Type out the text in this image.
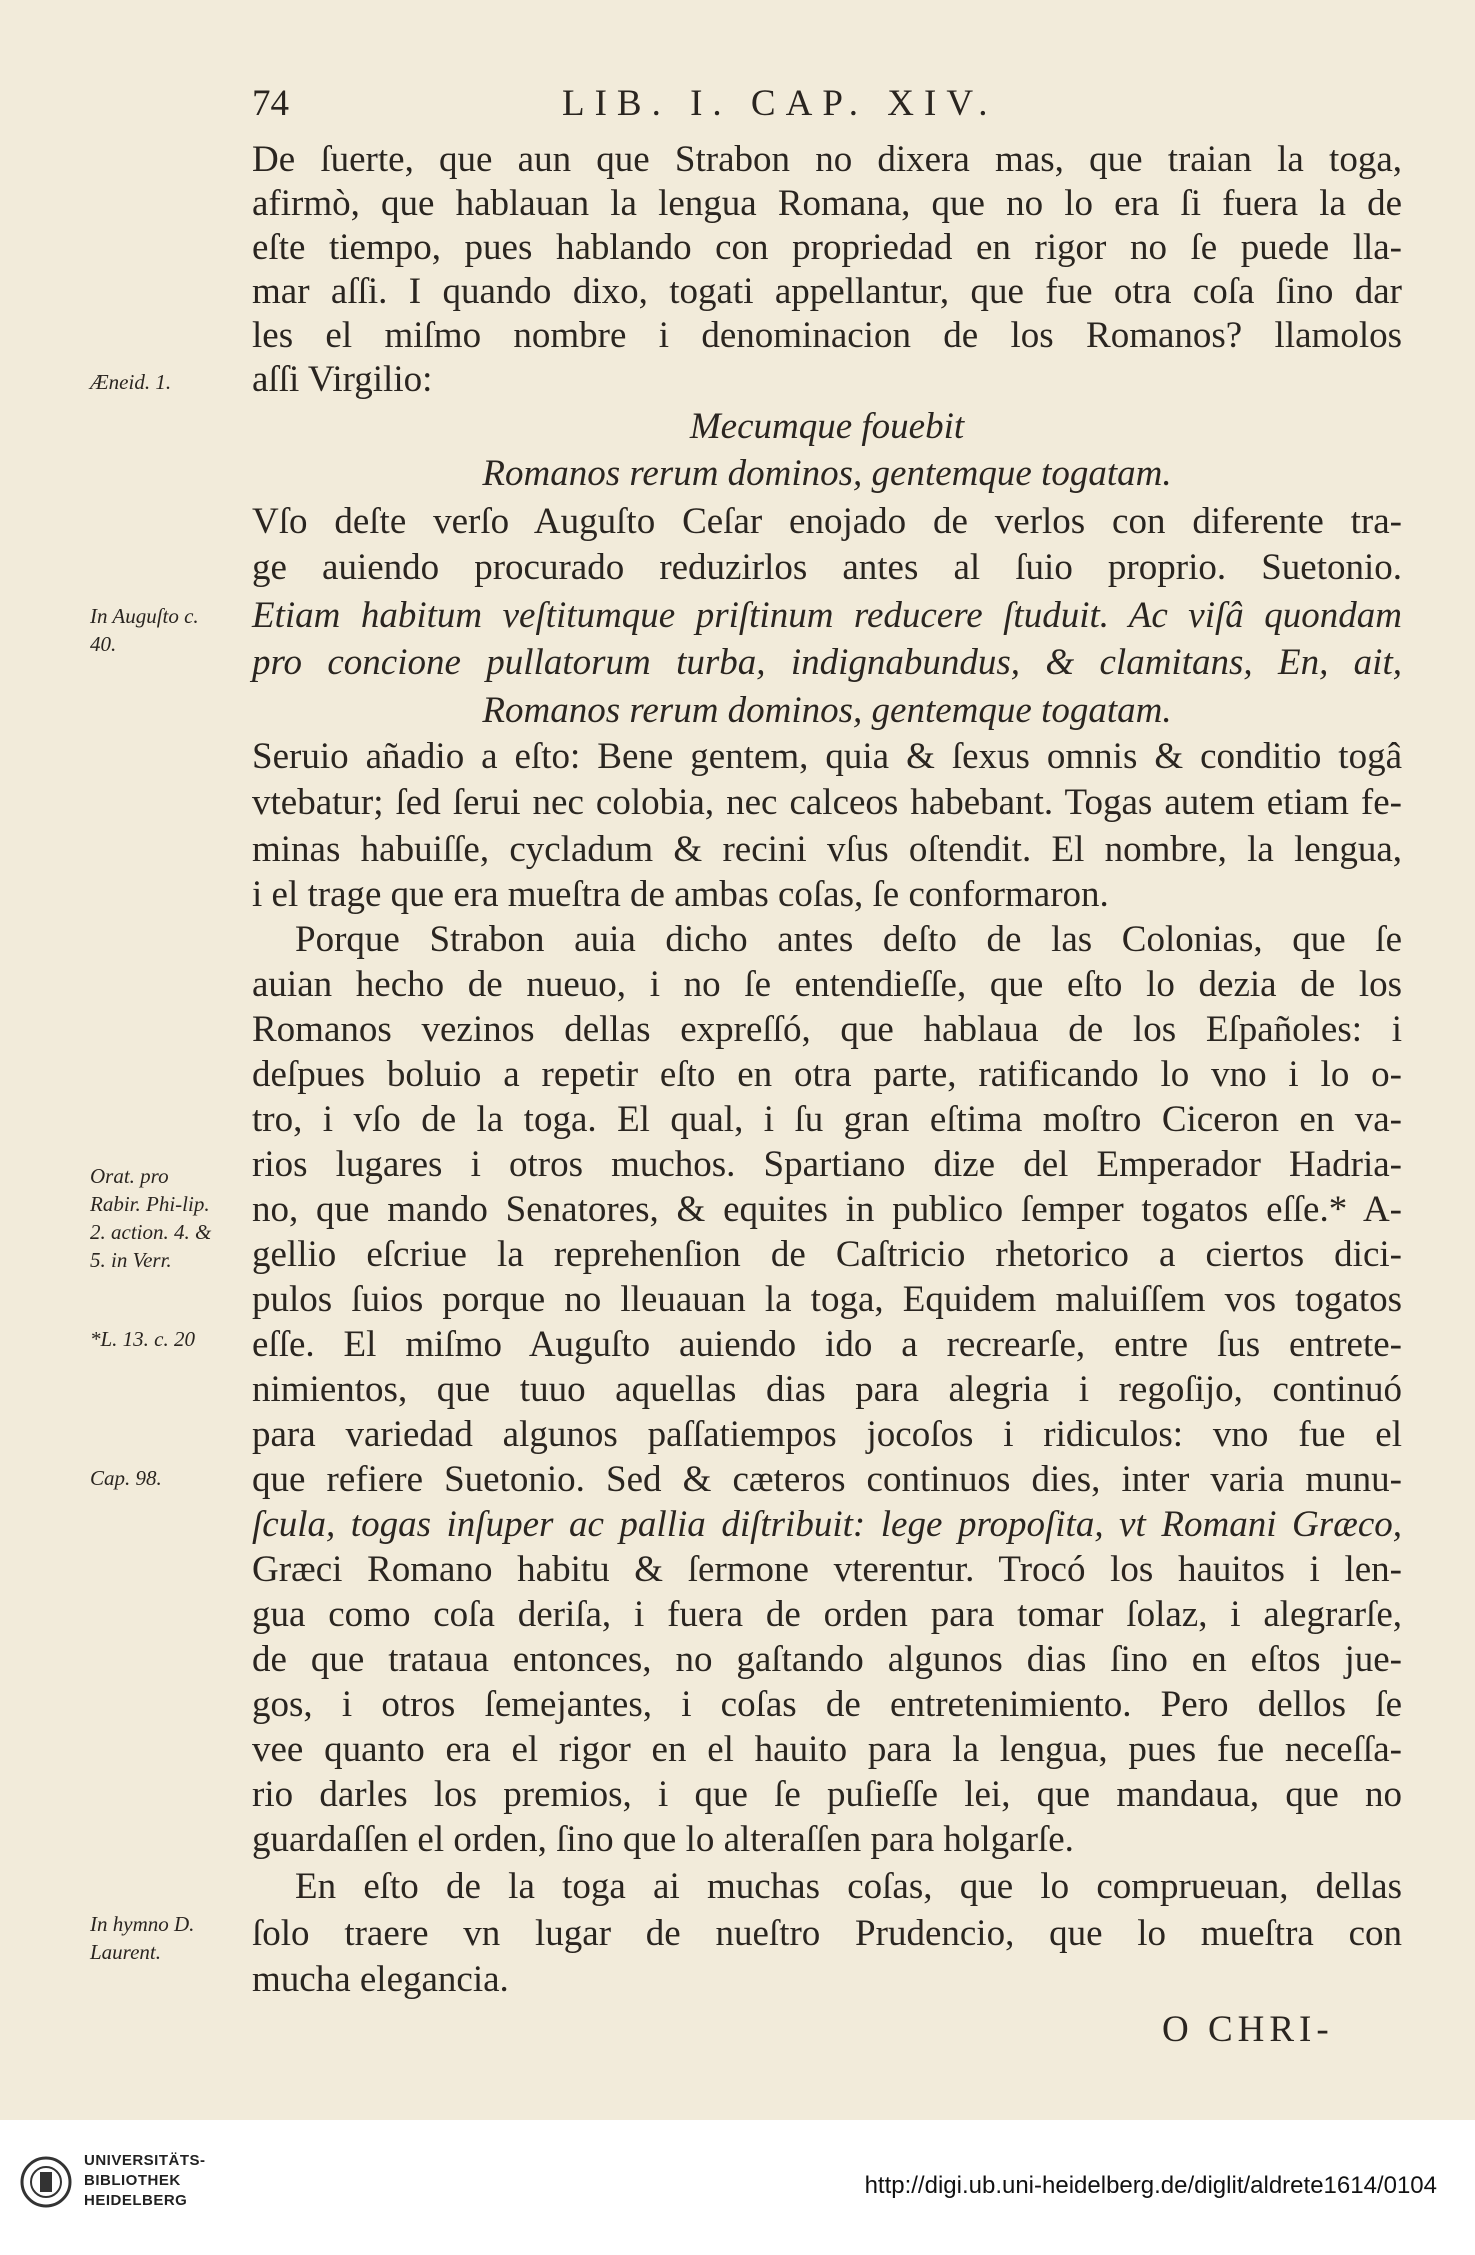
74	LIB. I. CAP. XIV.
De ſuerte, que aun que Strabon no dixera mas, que traian la toga,
afirmò, que hablauan la lengua Romana, que no lo era ſi fuera la de
eſte tiempo, pues hablando con propriedad en rigor no ſe puede lla-
mar aſſi. I quando dixo, togati appellantur, que fue otra coſa ſino dar
les el miſmo nombre i denominacion de los Romanos? llamolos
aſſi Virgilio:
Mecumque fouebit
Romanos rerum dominos, gentemque togatam.
Vſo deſte verſo Auguſto Ceſar enojado de verlos con diferente tra-
ge auiendo procurado reduzirlos antes al ſuio proprio. Suetonio.
Etiam habitum veſtitumque priſtinum reducere ſtuduit. Ac viſâ quondam
pro concione pullatorum turba, indignabundus, & clamitans, En, ait,
Romanos rerum dominos, gentemque togatam.
Seruio añadio a eſto: Bene gentem, quia & ſexus omnis & conditio togâ
vtebatur; ſed ſerui nec colobia, nec calceos habebant. Togas autem etiam fe-
minas habuiſſe, cycladum & recini vſus oſtendit. El nombre, la lengua,
i el trage que era mueſtra de ambas coſas, ſe conformaron.
Porque Strabon auia dicho antes deſto de las Colonias, que ſe
auian hecho de nueuo, i no ſe entendieſſe, que eſto lo dezia de los
Romanos vezinos dellas expreſſó, que hablaua de los Eſpañoles: i
deſpues boluio a repetir eſto en otra parte, ratificando lo vno i lo o-
tro, i vſo de la toga. El qual, i ſu gran eſtima moſtro Ciceron en va-
rios lugares i otros muchos. Spartiano dize del Emperador Hadria-
no, que mando Senatores, & equites in publico ſemper togatos eſſe.* A-
gellio eſcriue la reprehenſion de Caſtricio rhetorico a ciertos dici-
pulos ſuios porque no lleuauan la toga, Equidem maluiſſem vos togatos
eſſe. El miſmo Auguſto auiendo ido a recrearſe, entre ſus entrete-
nimientos, que tuuo aquellas dias para alegria i regoſijo, continuó
para variedad algunos paſſatiempos jocoſos i ridiculos: vno fue el
que refiere Suetonio. Sed & cæteros continuos dies, inter varia munu-
ſcula, togas inſuper ac pallia diſtribuit: lege propoſita, vt Romani Græco,
Græci Romano habitu & ſermone vterentur. Trocó los hauitos i len-
gua como coſa deriſa, i fuera de orden para tomar ſolaz, i alegrarſe,
de que trataua entonces, no gaſtando algunos dias ſino en eſtos jue-
gos, i otros ſemejantes, i coſas de entretenimiento. Pero dellos ſe
vee quanto era el rigor en el hauito para la lengua, pues fue neceſſa-
rio darles los premios, i que ſe puſieſſe lei, que mandaua, que no
guardaſſen el orden, ſino que lo alteraſſen para holgarſe.
En eſto de la toga ai muchas coſas, que lo comprueuan, dellas
ſolo traere vn lugar de nueſtro Prudencio, que lo mueſtra con
mucha elegancia.
Æneid. 1.
In Auguſto c. 40.
Orat. pro Rabir. Phi-lip. 2. action. 4. & 5. in Verr.
*L. 13. c. 20
Cap. 98.
In hymno D. Laurent.
O CHRI-
UNIVERSITÄTS-
BIBLIOTHEK
HEIDELBERG
http://digi.ub.uni-heidelberg.de/diglit/aldrete1614/0104
